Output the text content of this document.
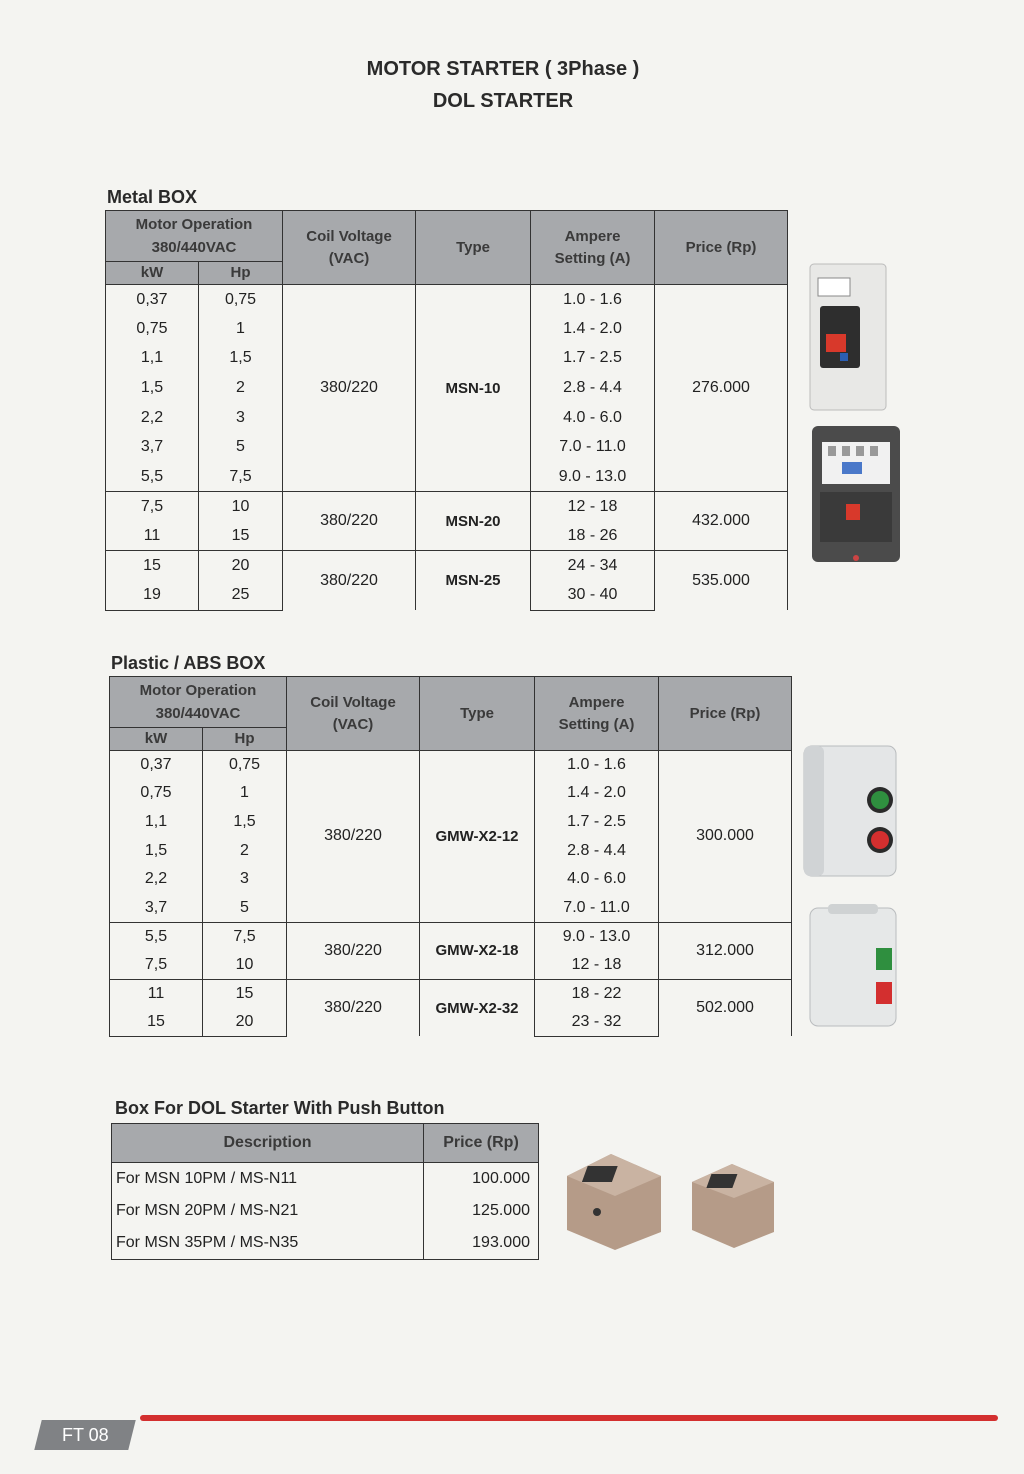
MOTOR STARTER ( 3Phase )
DOL STARTER
Metal BOX
Motor Operation 380/440VAC		Coil Voltage (VAC)	Type	Ampere Setting (A)	Price (Rp)
kW	Hp				
0,37	0,75	380/220	MSN-10	1.0 - 1.6	276.000
0,75	1			1.4 - 2.0	
1,1	1,5			1.7 - 2.5	
1,5	2			2.8 - 4.4	
2,2	3			4.0 - 6.0	
3,7	5			7.0 - 11.0	
5,5	7,5			9.0 - 13.0	
7,5	10	380/220	MSN-20	12 - 18	432.000
11	15			18 - 26	
15	20	380/220	MSN-25	24 - 34	535.000
19	25			30 - 40	
Plastic / ABS BOX
Motor Operation 380/440VAC		Coil Voltage (VAC)	Type	Ampere Setting (A)	Price (Rp)
kW	Hp				
0,37	0,75	380/220	GMW-X2-12	1.0 - 1.6	300.000
0,75	1			1.4 - 2.0	
1,1	1,5			1.7 - 2.5	
1,5	2			2.8 - 4.4	
2,2	3			4.0 - 6.0	
3,7	5			7.0 - 11.0	
5,5	7,5	380/220	GMW-X2-18	9.0 - 13.0	312.000
7,5	10			12 - 18	
11	15	380/220	GMW-X2-32	18 - 22	502.000
15	20			23 - 32	
Box For DOL Starter With Push Button
Description	Price (Rp)
For MSN 10PM / MS-N11	100.000
For MSN 20PM / MS-N21	125.000
For MSN 35PM / MS-N35	193.000
FT 08
